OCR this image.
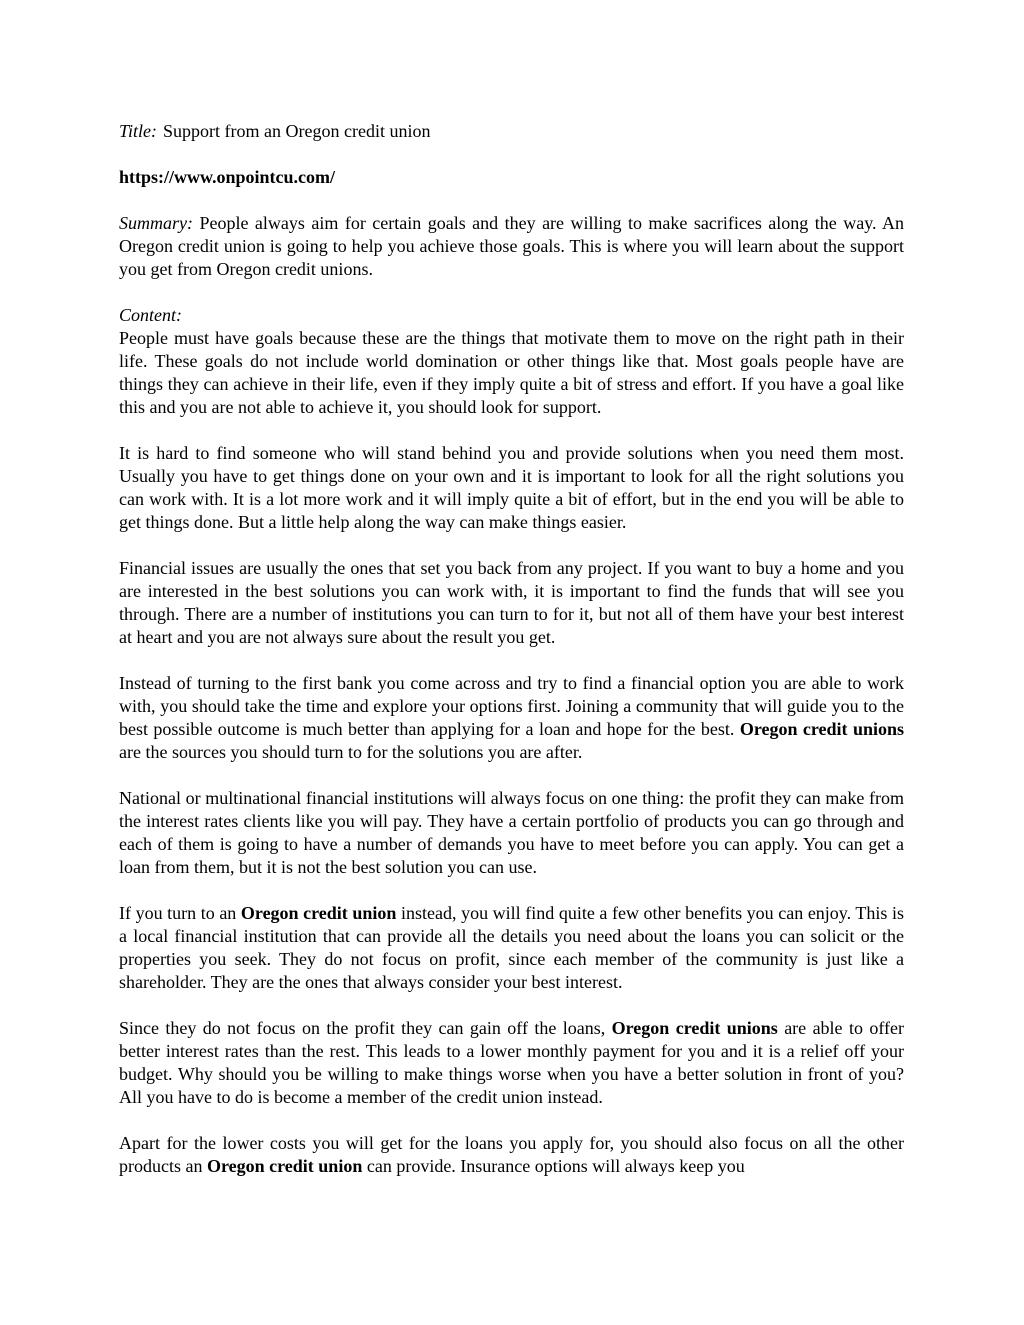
Title: Support from an Oregon credit union

https://www.onpointcu.com/

Summary: People always aim for certain goals and they are willing to make sacrifices along the way. An Oregon credit union is going to help you achieve those goals. This is where you will learn about the support you get from Oregon credit unions.

Content:

People must have goals because these are the things that motivate them to move on the right path in their life. These goals do not include world domination or other things like that. Most goals people have are things they can achieve in their life, even if they imply quite a bit of stress and effort. If you have a goal like this and you are not able to achieve it, you should look for support.

It is hard to find someone who will stand behind you and provide solutions when you need them most. Usually you have to get things done on your own and it is important to look for all the right solutions you can work with. It is a lot more work and it will imply quite a bit of effort, but in the end you will be able to get things done. But a little help along the way can make things easier.

Financial issues are usually the ones that set you back from any project. If you want to buy a home and you are interested in the best solutions you can work with, it is important to find the funds that will see you through. There are a number of institutions you can turn to for it, but not all of them have your best interest at heart and you are not always sure about the result you get.

Instead of turning to the first bank you come across and try to find a financial option you are able to work with, you should take the time and explore your options first. Joining a community that will guide you to the best possible outcome is much better than applying for a loan and hope for the best. Oregon credit unions are the sources you should turn to for the solutions you are after.

National or multinational financial institutions will always focus on one thing: the profit they can make from the interest rates clients like you will pay. They have a certain portfolio of products you can go through and each of them is going to have a number of demands you have to meet before you can apply. You can get a loan from them, but it is not the best solution you can use.

If you turn to an Oregon credit union instead, you will find quite a few other benefits you can enjoy. This is a local financial institution that can provide all the details you need about the loans you can solicit or the properties you seek. They do not focus on profit, since each member of the community is just like a shareholder. They are the ones that always consider your best interest.

Since they do not focus on the profit they can gain off the loans, Oregon credit unions are able to offer better interest rates than the rest. This leads to a lower monthly payment for you and it is a relief off your budget. Why should you be willing to make things worse when you have a better solution in front of you? All you have to do is become a member of the credit union instead.

Apart for the lower costs you will get for the loans you apply for, you should also focus on all the other products an Oregon credit union can provide. Insurance options will always keep you
